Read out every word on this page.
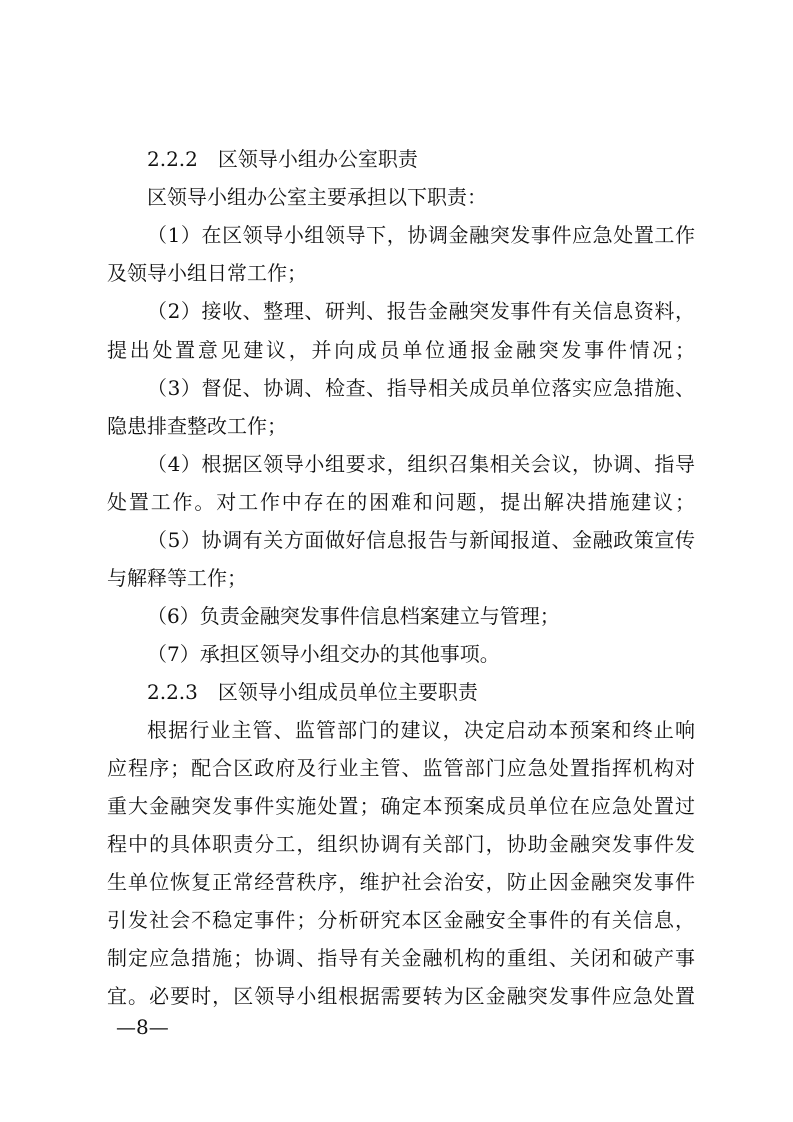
2.2.2　区领导小组办公室职责
区领导小组办公室主要承担以下职责：
（1）在区领导小组领导下，协调金融突发事件应急处置工作
及领导小组日常工作；
（2）接收、整理、研判、报告金融突发事件有关信息资料，
提出处置意见建议，并向成员单位通报金融突发事件情况；
（3）督促、协调、检查、指导相关成员单位落实应急措施、
隐患排查整改工作；
（4）根据区领导小组要求，组织召集相关会议，协调、指导
处置工作。对工作中存在的困难和问题，提出解决措施建议；
（5）协调有关方面做好信息报告与新闻报道、金融政策宣传
与解释等工作；
（6）负责金融突发事件信息档案建立与管理；
（7）承担区领导小组交办的其他事项。
2.2.3　区领导小组成员单位主要职责
根据行业主管、监管部门的建议，决定启动本预案和终止响
应程序；配合区政府及行业主管、监管部门应急处置指挥机构对
重大金融突发事件实施处置；确定本预案成员单位在应急处置过
程中的具体职责分工，组织协调有关部门，协助金融突发事件发
生单位恢复正常经营秩序，维护社会治安，防止因金融突发事件
引发社会不稳定事件；分析研究本区金融安全事件的有关信息，
制定应急措施；协调、指导有关金融机构的重组、关闭和破产事
宜。必要时，区领导小组根据需要转为区金融突发事件应急处置
—8—
